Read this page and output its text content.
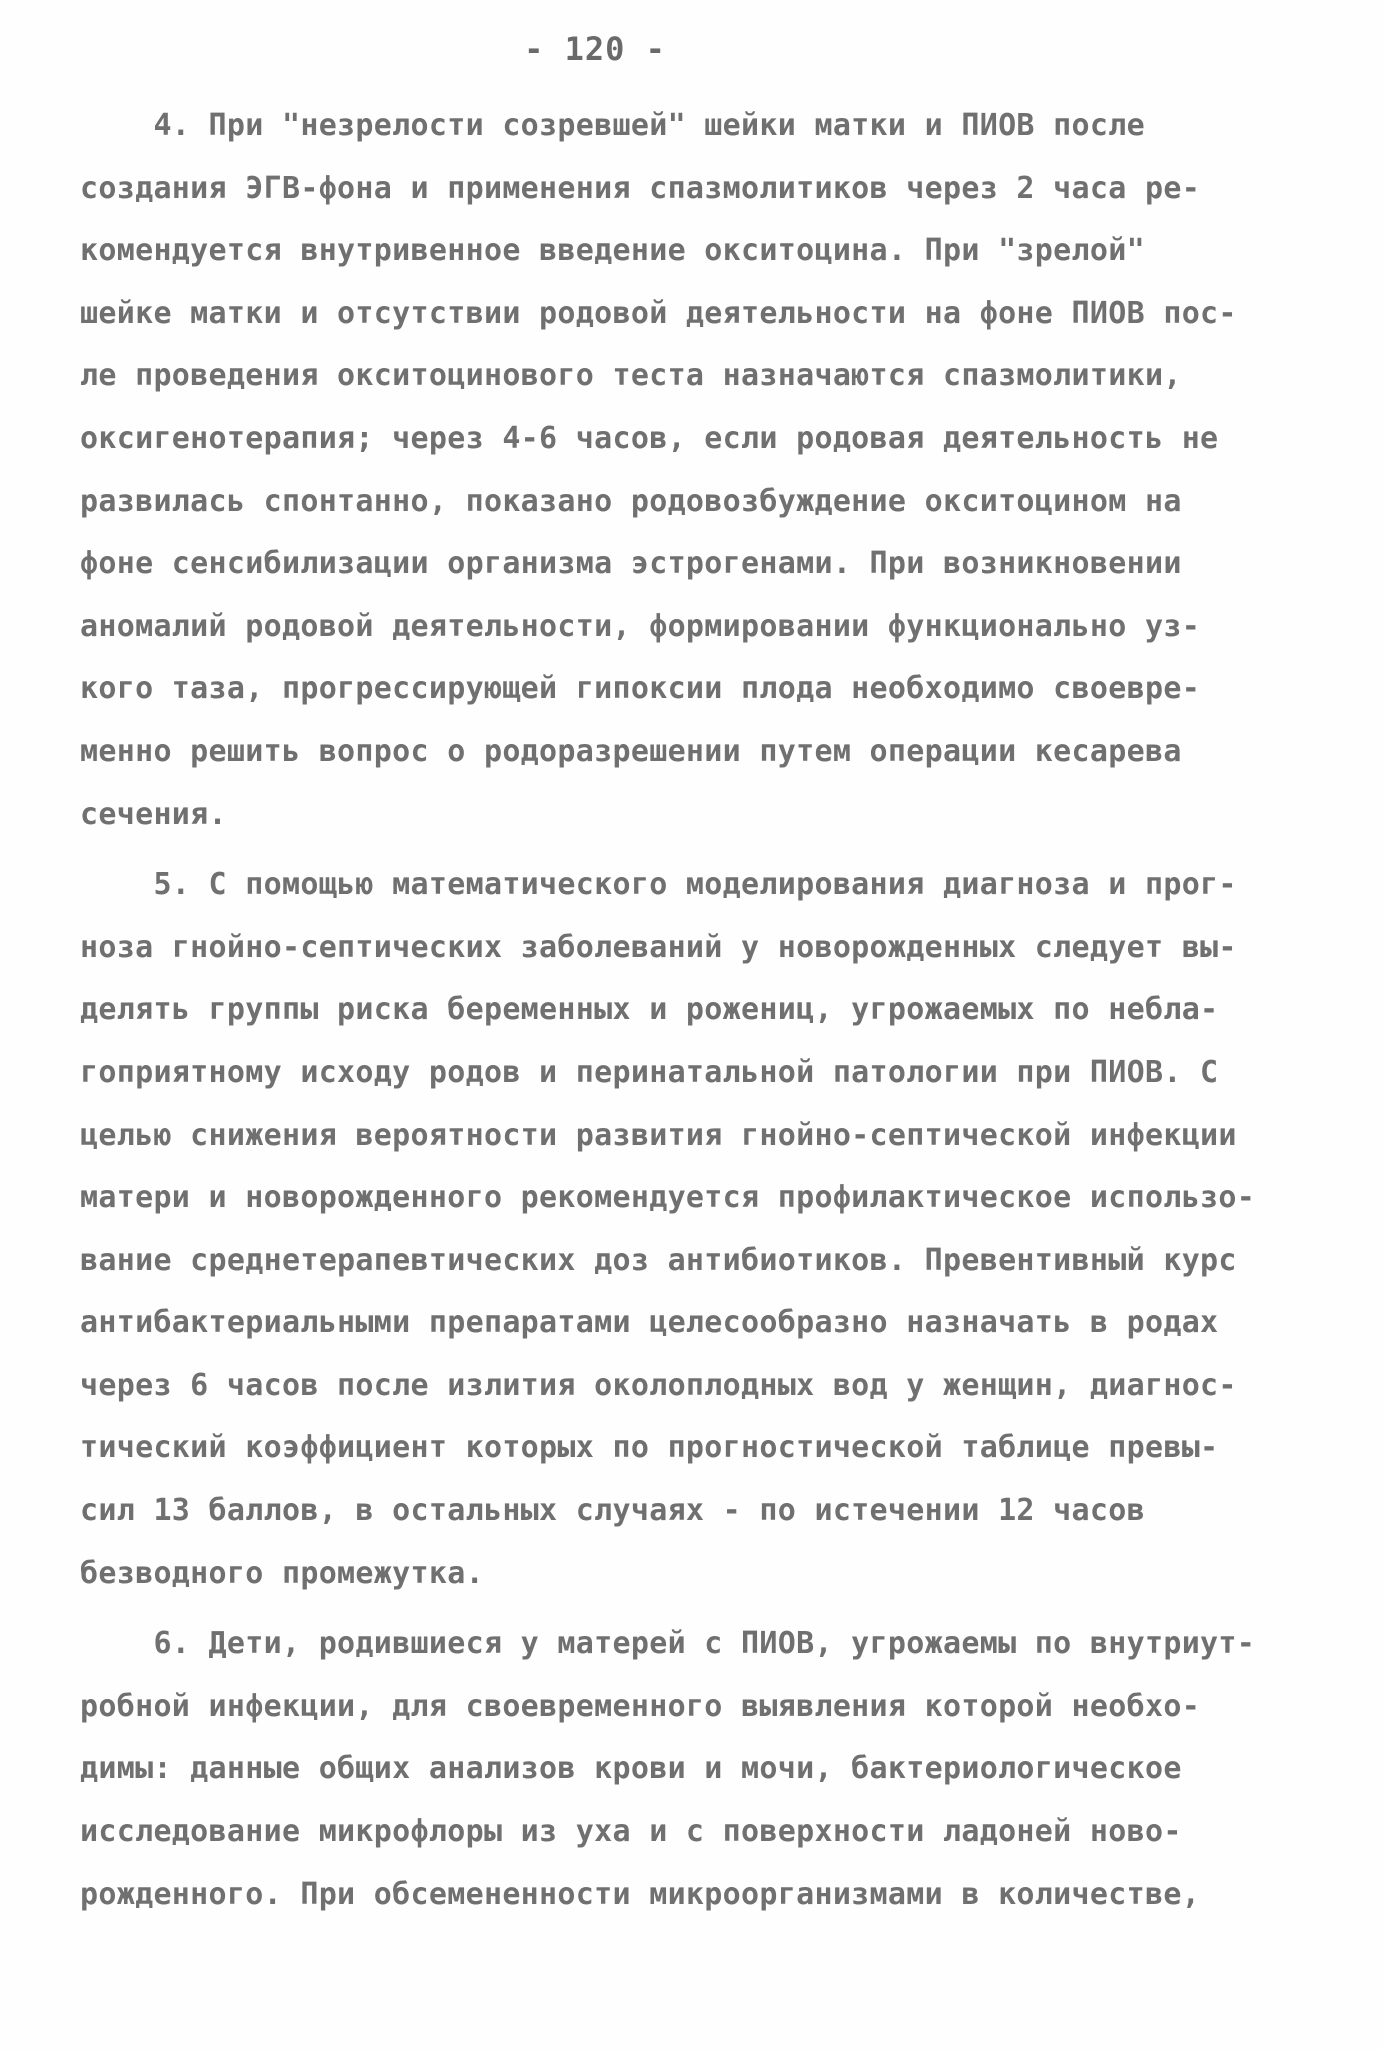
- 120 -
4. При "незрелости созревшей" шейки матки и ПИОВ после
создания ЭГВ-фона и применения спазмолитиков через 2 часа ре-
комендуется внутривенное введение окситоцина. При "зрелой"
шейке матки и отсутствии родовой деятельности на фоне ПИОВ пос-
ле проведения окситоцинового теста назначаются спазмолитики,
оксигенотерапия; через 4-6 часов, если родовая деятельность не
развилась спонтанно, показано родовозбуждение окситоцином на
фоне сенсибилизации организма эстрогенами. При возникновении
аномалий родовой деятельности, формировании функционально уз-
кого таза, прогрессирующей гипоксии плода необходимо своевре-
менно решить вопрос о родоразрешении путем операции кесарева
сечения.
5. С помощью математического моделирования диагноза и прог-
ноза гнойно-септических заболеваний у новорожденных следует вы-
делять группы риска беременных и рожениц, угрожаемых по небла-
гоприятному исходу родов и перинатальной патологии при ПИОВ. С
целью снижения вероятности развития гнойно-септической инфекции
матери и новорожденного рекомендуется профилактическое использо-
вание среднетерапевтических доз антибиотиков. Превентивный курс
антибактериальными препаратами целесообразно назначать в родах
через 6 часов после излития околоплодных вод у женщин, диагнос-
тический коэффициент которых по прогностической таблице превы-
сил 13 баллов, в остальных случаях - по истечении 12 часов
безводного промежутка.
6. Дети, родившиеся у матерей с ПИОВ, угрожаемы по внутриут-
робной инфекции, для своевременного выявления которой необхо-
димы: данные общих анализов крови и мочи, бактериологическое
исследование микрофлоры из уха и с поверхности ладоней ново-
рожденного. При обсемененности микроорганизмами в количестве,
